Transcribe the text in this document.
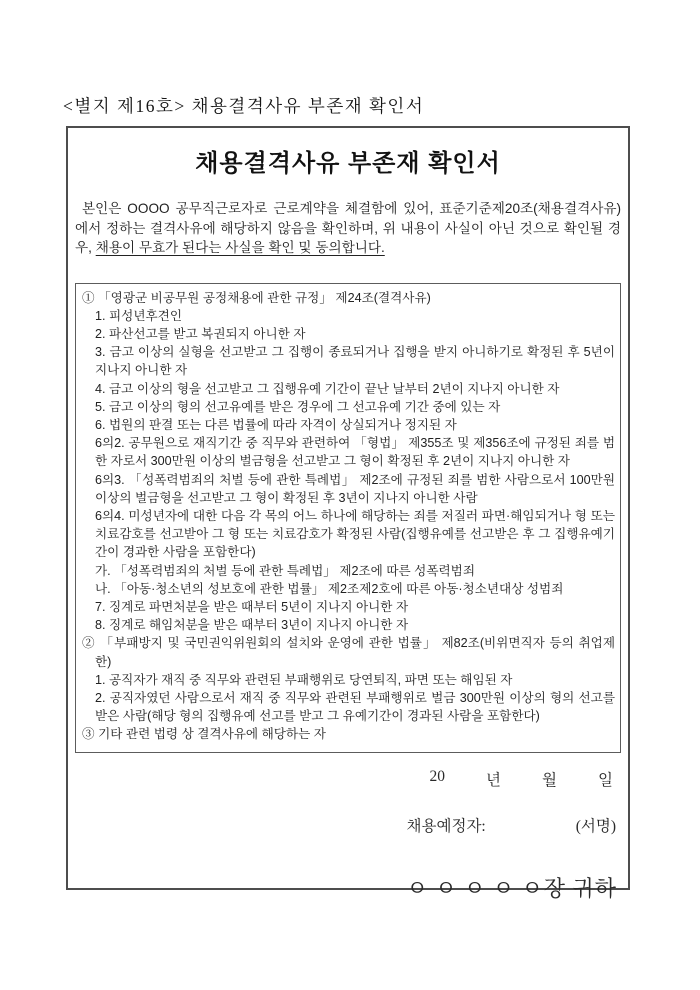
<별지 제16호> 채용결격사유 부존재 확인서
채용결격사유 부존재 확인서
본인은 OOOO 공무직근로자로 근로계약을 체결함에 있어, 표준기준제20조(채용결격사유)에서 정하는 결격사유에 해당하지 않음을 확인하며, 위 내용이 사실이 아닌 것으로 확인될 경우, 채용이 무효가 된다는 사실을 확인 및 동의합니다.
① 「영광군 비공무원 공정채용에 관한 규정」 제24조(결격사유)
1. 피성년후견인
2. 파산선고를 받고 복권되지 아니한 자
3. 금고 이상의 실형을 선고받고 그 집행이 종료되거나 집행을 받지 아니하기로 확정된 후 5년이 지나지 아니한 자
4. 금고 이상의 형을 선고받고 그 집행유예 기간이 끝난 날부터 2년이 지나지 아니한 자
5. 금고 이상의 형의 선고유예를 받은 경우에 그 선고유예 기간 중에 있는 자
6. 법원의 판결 또는 다른 법률에 따라 자격이 상실되거나 정지된 자
6의2. 공무원으로 재직기간 중 직무와 관련하여 「형법」 제355조 및 제356조에 규정된 죄를 범한 자로서 300만원 이상의 벌금형을 선고받고 그 형이 확정된 후 2년이 지나지 아니한 자
6의3. 「성폭력범죄의 처벌 등에 관한 특례법」 제2조에 규정된 죄를 범한 사람으로서 100만원 이상의 벌금형을 선고받고 그 형이 확정된 후 3년이 지나지 아니한 사람
6의4. 미성년자에 대한 다음 각 목의 어느 하나에 해당하는 죄를 저질러 파면·해임되거나 형 또는 치료감호를 선고받아 그 형 또는 치료감호가 확정된 사람(집행유예를 선고받은 후 그 집행유예기간이 경과한 사람을 포함한다)
가. 「성폭력범죄의 처벌 등에 관한 특례법」 제2조에 따른 성폭력범죄
나. 「아동·청소년의 성보호에 관한 법률」 제2조제2호에 따른 아동·청소년대상 성범죄
7. 징계로 파면처분을 받은 때부터 5년이 지나지 아니한 자
8. 징계로 해임처분을 받은 때부터 3년이 지나지 아니한 자
② 「부패방지 및 국민권익위원회의 설치와 운영에 관한 법률」 제82조(비위면직자 등의 취업제한)
1. 공직자가 재직 중 직무와 관련된 부패행위로 당연퇴직, 파면 또는 해임된 자
2. 공직자였던 사람으로서 재직 중 직무와 관련된 부패행위로 벌금 300만원 이상의 형의 선고를 받은 사람(해당 형의 집행유예 선고를 받고 그 유예기간이 경과된 사람을 포함한다)
③ 기타 관련 법령 상 결격사유에 해당하는 자
20	년	월	일
채용예정자:	(서명)
ㅇ ㅇ ㅇ ㅇ ㅇ장 귀하
